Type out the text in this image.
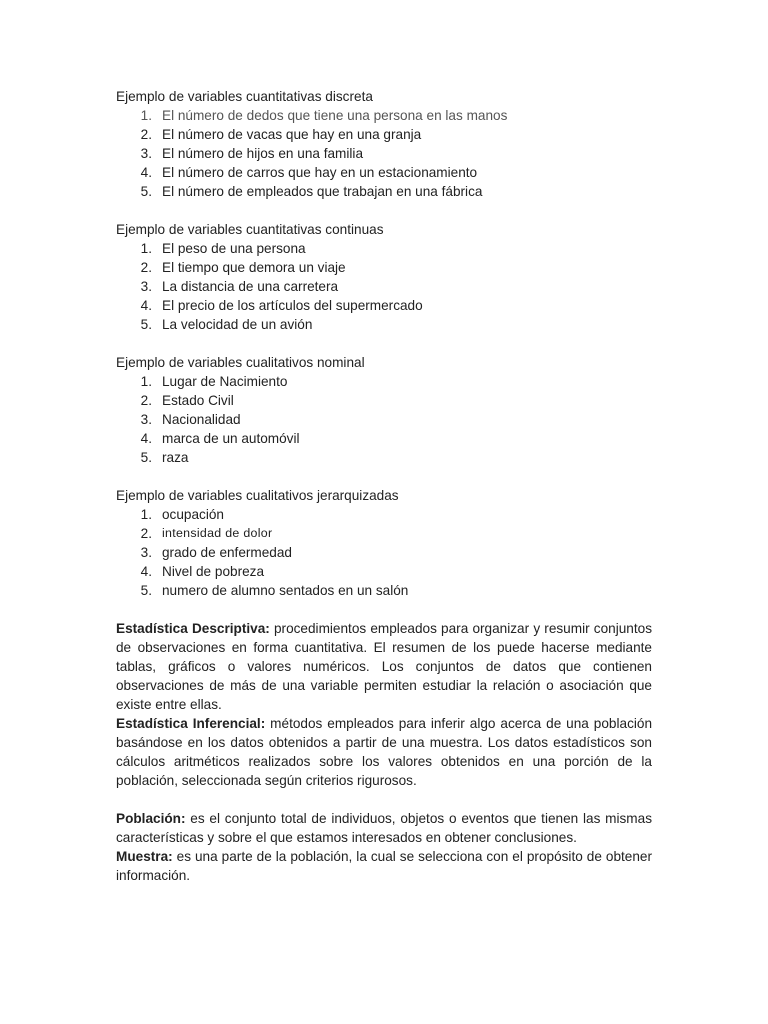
Ejemplo de variables cuantitativas discreta
1. El número de dedos que tiene una persona en las manos
2. El número de vacas que hay en una granja
3. El número de hijos en una familia
4. El número de carros que hay en un estacionamiento
5. El número de empleados que trabajan en una fábrica
Ejemplo de variables cuantitativas continuas
1. El peso de una persona
2. El tiempo que demora un viaje
3. La distancia de una carretera
4. El precio de los artículos del supermercado
5. La velocidad de un avión
Ejemplo de variables cualitativos nominal
1. Lugar de Nacimiento
2. Estado Civil
3. Nacionalidad
4. marca de un automóvil
5. raza
Ejemplo de variables cualitativos jerarquizadas
1. ocupación
2. intensidad de dolor
3. grado de enfermedad
4. Nivel de pobreza
5. numero de alumno sentados en un salón

Estadística Descriptiva: procedimientos empleados para organizar y resumir conjuntos de observaciones en forma cuantitativa. El resumen de los puede hacerse mediante tablas, gráficos o valores numéricos. Los conjuntos de datos que contienen observaciones de más de una variable permiten estudiar la relación o asociación que existe entre ellas.

Estadística Inferencial: métodos empleados para inferir algo acerca de una población basándose en los datos obtenidos a partir de una muestra. Los datos estadísticos son cálculos aritméticos realizados sobre los valores obtenidos en una porción de la población, seleccionada según criterios rigurosos.

Población: es el conjunto total de individuos, objetos o eventos que tienen las mismas características y sobre el que estamos interesados en obtener conclusiones.

Muestra: es una parte de la población, la cual se selecciona con el propósito de obtener información.
